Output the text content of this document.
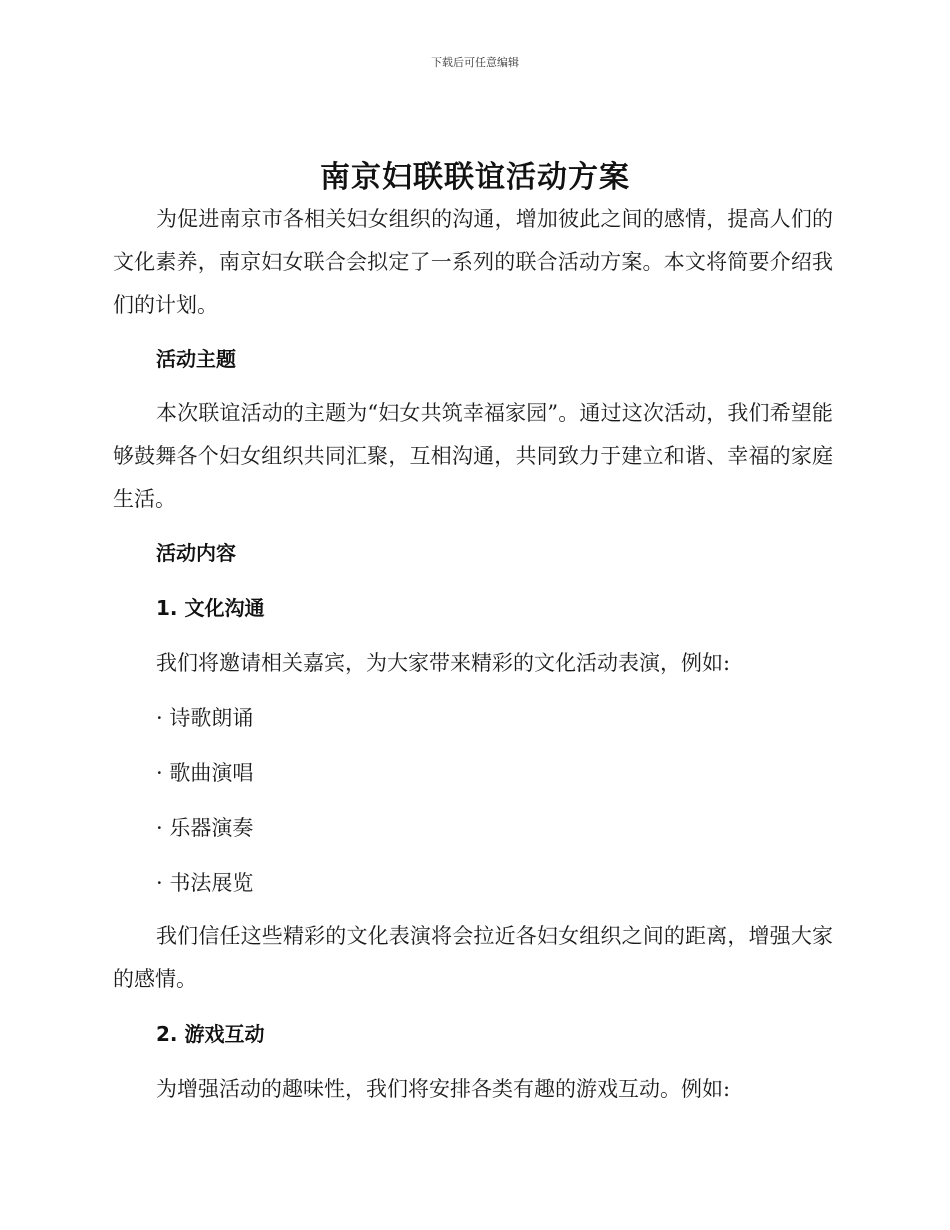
下载后可任意编辑
南京妇联联谊活动方案
为促进南京市各相关妇女组织的沟通，增加彼此之间的感情，提高人们的文化素养，南京妇女联合会拟定了一系列的联合活动方案。本文将简要介绍我们的计划。
活动主题
本次联谊活动的主题为“妇女共筑幸福家园”。通过这次活动，我们希望能够鼓舞各个妇女组织共同汇聚，互相沟通，共同致力于建立和谐、幸福的家庭生活。
活动内容
1. 文化沟通
我们将邀请相关嘉宾，为大家带来精彩的文化活动表演，例如:
· 诗歌朗诵
· 歌曲演唱
· 乐器演奏
· 书法展览
我们信任这些精彩的文化表演将会拉近各妇女组织之间的距离，增强大家的感情。
2. 游戏互动
为增强活动的趣味性，我们将安排各类有趣的游戏互动。例如:
